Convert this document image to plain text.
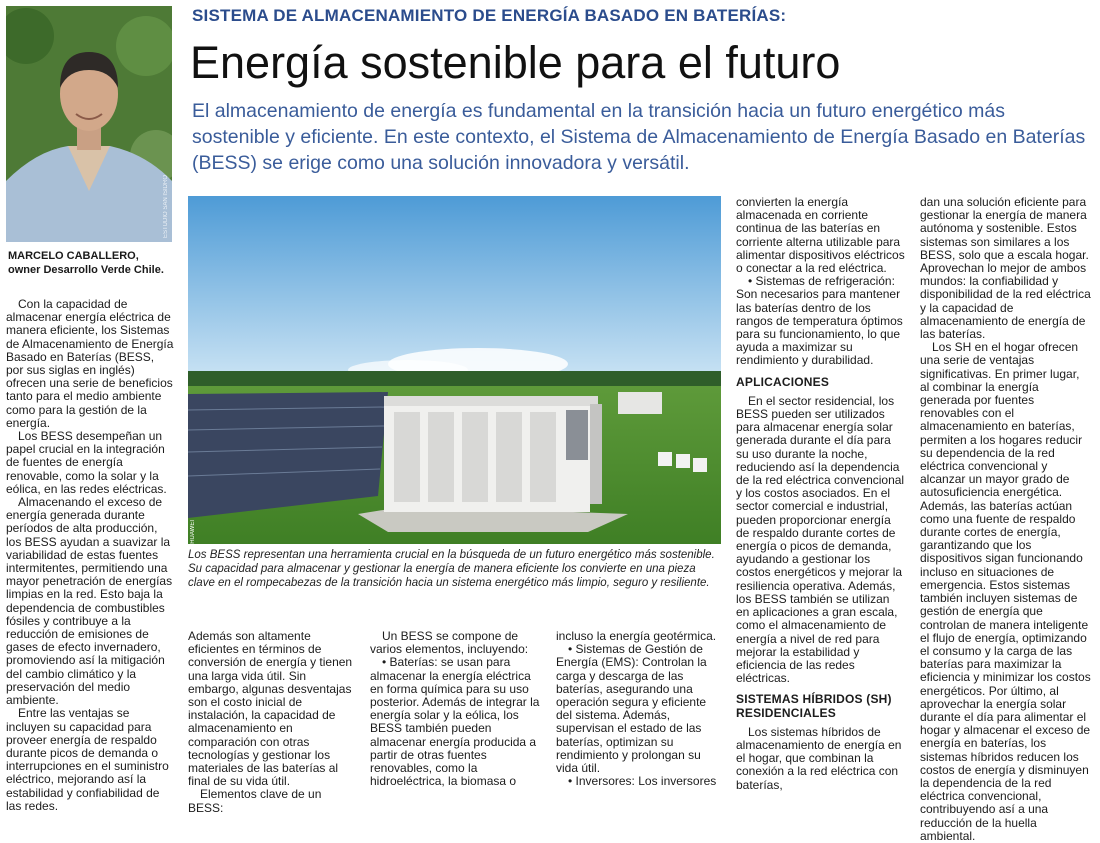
SISTEMA DE ALMACENAMIENTO DE ENERGÍA BASADO EN BATERÍAS:
Energía sostenible para el futuro
El almacenamiento de energía es fundamental en la transición hacia un futuro energético más sostenible y eficiente. En este contexto, el Sistema de Almacenamiento de Energía Basado en Baterías (BESS) se erige como una solución innovadora y versátil.
ESTUDIO SAN ISIDRO
MARCELO CABALLERO,
owner Desarrollo Verde Chile.

Con la capacidad de almacenar energía eléctrica de manera eficiente, los Sistemas de Almacenamiento de Energía Basado en Baterías (BESS, por sus siglas en inglés) ofrecen una serie de beneficios tanto para el medio ambiente como para la gestión de la energía.

Los BESS desempeñan un papel crucial en la integración de fuentes de energía renovable, como la solar y la eólica, en las redes eléctricas.

Almacenando el exceso de energía generada durante períodos de alta producción, los BESS ayudan a suavizar la variabilidad de estas fuentes intermitentes, permitiendo una mayor penetración de energías limpias en la red. Esto baja la dependencia de combustibles fósiles y contribuye a la reducción de emisiones de gases de efecto invernadero, promoviendo así la mitigación del cambio climático y la preservación del medio ambiente.

Entre las ventajas se incluyen su capacidad para proveer energía de respaldo durante picos de demanda o interrupciones en el suministro eléctrico, mejorando así la estabilidad y confiabilidad de las redes.

HUAWEI
Los BESS representan una herramienta crucial en la búsqueda de un futuro energético más sostenible. Su capacidad para almacenar y gestionar la energía de manera eficiente los convierte en una pieza clave en el rompecabezas de la transición hacia un sistema energético más limpio, seguro y resiliente.

Además son altamente eficientes en términos de conversión de energía y tienen una larga vida útil. Sin embargo, algunas desventajas son el costo inicial de instalación, la capacidad de almacenamiento en comparación con otras tecnologías y gestionar los materiales de las baterías al final de su vida útil.

Elementos clave de un BESS:

Un BESS se compone de varios elementos, incluyendo:

• Baterías: se usan para almacenar la energía eléctrica en forma química para su uso posterior. Además de integrar la energía solar y la eólica, los BESS también pueden almacenar energía producida a partir de otras fuentes renovables, como la hidroeléctrica, la biomasa o

incluso la energía geotérmica.

• Sistemas de Gestión de Energía (EMS): Controlan la carga y descarga de las baterías, asegurando una operación segura y eficiente del sistema. Además, supervisan el estado de las baterías, optimizan su rendimiento y prolongan su vida útil.

• Inversores: Los inversores

convierten la energía almacenada en corriente continua de las baterías en corriente alterna utilizable para alimentar dispositivos eléctricos o conectar a la red eléctrica.

• Sistemas de refrigeración: Son necesarios para mantener las baterías dentro de los rangos de temperatura óptimos para su funcionamiento, lo que ayuda a maximizar su rendimiento y durabilidad.

APLICACIONES

En el sector residencial, los BESS pueden ser utilizados para almacenar energía solar generada durante el día para su uso durante la noche, reduciendo así la dependencia de la red eléctrica convencional y los costos asociados. En el sector comercial e industrial, pueden proporcionar energía de respaldo durante cortes de energía o picos de demanda, ayudando a gestionar los costos energéticos y mejorar la resiliencia operativa. Además, los BESS también se utilizan en aplicaciones a gran escala, como el almacenamiento de energía a nivel de red para mejorar la estabilidad y eficiencia de las redes eléctricas.

SISTEMAS HÍBRIDOS (SH) RESIDENCIALES

Los sistemas híbridos de almacenamiento de energía en el hogar, que combinan la conexión a la red eléctrica con baterías,

dan una solución eficiente para gestionar la energía de manera autónoma y sostenible. Estos sistemas son similares a los BESS, solo que a escala hogar. Aprovechan lo mejor de ambos mundos: la confiabilidad y disponibilidad de la red eléctrica y la capacidad de almacenamiento de energía de las baterías.

Los SH en el hogar ofrecen una serie de ventajas significativas. En primer lugar, al combinar la energía generada por fuentes renovables con el almacenamiento en baterías, permiten a los hogares reducir su dependencia de la red eléctrica convencional y alcanzar un mayor grado de autosuficiencia energética. Además, las baterías actúan como una fuente de respaldo durante cortes de energía, garantizando que los dispositivos sigan funcionando incluso en situaciones de emergencia. Estos sistemas también incluyen sistemas de gestión de energía que controlan de manera inteligente el flujo de energía, optimizando el consumo y la carga de las baterías para maximizar la eficiencia y minimizar los costos energéticos. Por último, al aprovechar la energía solar durante el día para alimentar el hogar y almacenar el exceso de energía en baterías, los sistemas híbridos reducen los costos de energía y disminuyen la dependencia de la red eléctrica convencional, contribuyendo así a una reducción de la huella ambiental.
